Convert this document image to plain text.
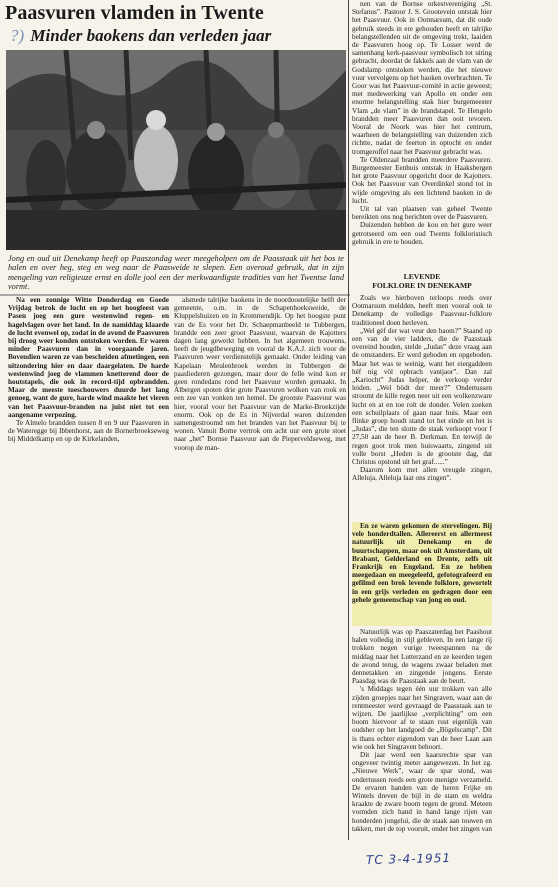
Paasvuren vlamden in Twente
?) Minder baokens dan verleden jaar
Jong en oud uit Denekamp heeft op Paaszondag weer meegeholpen om de Paasstaak uit het bos te halen en over heg, steg en weg naar de Paasweide te slepen. Een overoud gebruik, dat in zijn mengeling van religieuze ernst en dolle jool een der merkwaardigste tradities van het Twentse land vormt.

Na een zonnige Witte Donderdag en Goede Vrijdag betrok de lucht en op het hoogfeest van Pasen joeg een gure westenwind regen- en hagelvlagen over het land. In de namiddag klaarde de lucht evenwel op, zodat in de avond de Paasvuren bij droog weer konden ontstoken worden. Er waren minder Paasvuren dan in voorgaande jaren. Bovendien waren ze van bescheiden afmetingen, een uitzondering hier en daar daargelaten. De harde westenwind joeg de vlammen knetterend door de houtstapels, die ook in record-tijd opbrandden. Maar de meeste toeschouwers duurde het lang genoeg, want de gure, harde wind maakte het vieren van het Paasvuur-branden na juist niet tot een aangename verpozing.

Te Almelo brandden tussen 8 en 9 uur Paasvuren in de Wateregge bij Ibbenhorst, aan de Bornerbroekseweg bij Middelkamp en op de Kirkelanden,

alsmede talrijke baokens in de noordoostelijke helft der gemeente, o.m. in de Schapenhoeksweide, de Kluppelshuizen en in Krommendijk. Op het hoogste punt van de Es voor het Dr. Schaepmanbeeld te Tubbergen, brandde een zeer groot Paasvuur, waarvan de Kajotters dagen lang gewerkt hebben. In het algemeen trouwens, heeft de jeugdbeweging en vooral de K.A.J. zich voor de Paasvuren weer verdienstelijk gemaakt. Onder leiding van Kapelaan Meulenbroek werden in Tubbergen de paasliederen gezongen, maar door de felle wind kon er geen rondedans rond het Paasvuur worden gemaakt. In Albergen spoten drie grote Paasvuren wolken van rook en een zee van vonken ten hemel. De grootste Paasvuur was hier, vooral voor het Paasvuur van de Marke-Broekzijde enorm. Ook op de Es in Nijverdal waren duizenden samengestroomd om het branden van het Paasvuur bij te wonen. Vanuit Borne vertrok om acht uur een grote stoet naar „het” Bornse Paasvuur aan de Pieperveldseweg, met voorop de man-

nen van de Bornse orkestvereniging „St. Stefanus”. Pastoor J. S. Grootevein ontstak hier het Paasvuur. Ook in Ootmarsum, dat dit oude gebruik steeds in ere gehouden heeft en talrijke belangstellenden uit de omgeving trekt, laaiden de Paasvuren hoog op. Te Losser werd de samenhang kerk-paasvuur symbolisch tot uiting gebracht, doordat de fakkels aan de vlam van de Godslamp ontstoken werden, die het nieuwe vuur vervolgens op het baoken overbrachten. Te Goor was het Paasvuur-comité in actie geweest; met medewerking van Apollo en onder een enorme belangstelling stak hier burgemeester Vlam „de vlam” in de brandstapel. Te Hengelo brandden meer Paasvuren dan ooit tevoren. Vooral de Noork was hier het centrum, waarheen de belangstelling van duizenden zich richtte, nadat de feerton in optocht en onder tromgeroffel naar het Paasvuur gebracht was.

Te Oldenzaal brandden meerdere Paasvuren. Burgemeester Eenhuis ontstak in Haaksbergen het grote Paasvuur opgericht door de Kajotters. Ook het Paasvuur van Overdinkel stond tot in wijde omgeving als een lichtend baoken in de lucht.

Uit tal van plaatsen van geheel Twente bereikten ons nog berichten over de Paasvuren.

Duizenden hebben de kou en het gure weer getrotseerd om een oud Twents folkloristisch gebruik in ere te houden.

LEVENDE
FOLKLORE IN DENEKAMP

Zoals we hierboven terloops reeds over Ootmarsum meldden, heeft men vooral ook te Denekamp de volledige Paasvuur-folklore traditioneel doen herleven.

„Wel gèf der wat veur den baom?” Staand op een van de vier ladders, die de Paasstaak overeind houden, stelde „Judas” deze vraag aan de omstanders. Er werd geboden en opgeboden. Maar het was te weinig, want het eiergaddeen hèf nig völ opbrach vantjaor”. Dan zal „Kariocht” Judas helper, de verkoop verder leiden. „Wel bödt der meer?” Ondertussen stroomt de kille regen neer uit een wolkenzware lucht en at en toe rolt de donder. Velen zoeken een schuilplaats of gaan naar huis. Maar een flinke groep houdt stand tot het einde en het is „Judas”, die ten slotte de staak verkoopt voor f 27,50 aan de heer B. Derkman. En terwijl de regen goot trok men huiswaarts, zingend uit volle borst „Heden is de grootste dag, dat Christus opstond uit het graf......”

Daarom kom met allen vreugde zingen, Alleluja, Alleluja laat ons zingen”.

En ze waren gekomen de stervelingen. Bij vele honderdtallen. Allereerst en allermeest natuurlijk uit Denekamp en de buurtschappen, maar ook uit Amsterdam, uit Brabant, Gelderland en Drente, zelfs uit Frankrijk en Engeland. En ze hebben meegedaan en meegeleefd, gefotografeerd en gefilmd een brok levende folklore, gewortelt in een grijs verleden en gedragen door een gehele gemeenschap van jong en oud.

Natuurlijk was op Paaszaterdag het Paashout halen volledig in stijl gebleven. In een lange rij trokken negen vurige tweespannen na de middag naar het Lutterzand en ze keerden tegen de avond terug, de wagens zwaar beladen met dennetakken en zingende jongens. Eerste Paasdag was de Paasstaak aan de beurt.

's Middags tegen één uur trokken van alle zijden groepjes naar het Singraven, waar aan de rentmeester werd gevraagd de Paasstaak aan te wijzen. De jaarlijkse „verplichting” om een boom hiervoor af te staan rust eigenlijk van oudsher op het landgoed de „Bögelscamp”. Dit is thans echter eigendom van de heer Laan aan wie ook het Singraven behoort.

Dit jaar werd een kaarsrechte spar van ongeveer twintig meter aangewezen. In het zg. „Nieuwe Werk”, waar de spar stond, was ondertussen reeds een grote menigte verzameld. De ervaren handen van de heren Frijke en Wintels dreven de bijl in de stam en weldra kraakte de zware boom tegen de grond. Meteen vormden zich hand in hand lange rijen van honderden jongelui, die de staak aan touwen en takken, met de top vooruit, onder het zingen van

TC 3-4-1951
